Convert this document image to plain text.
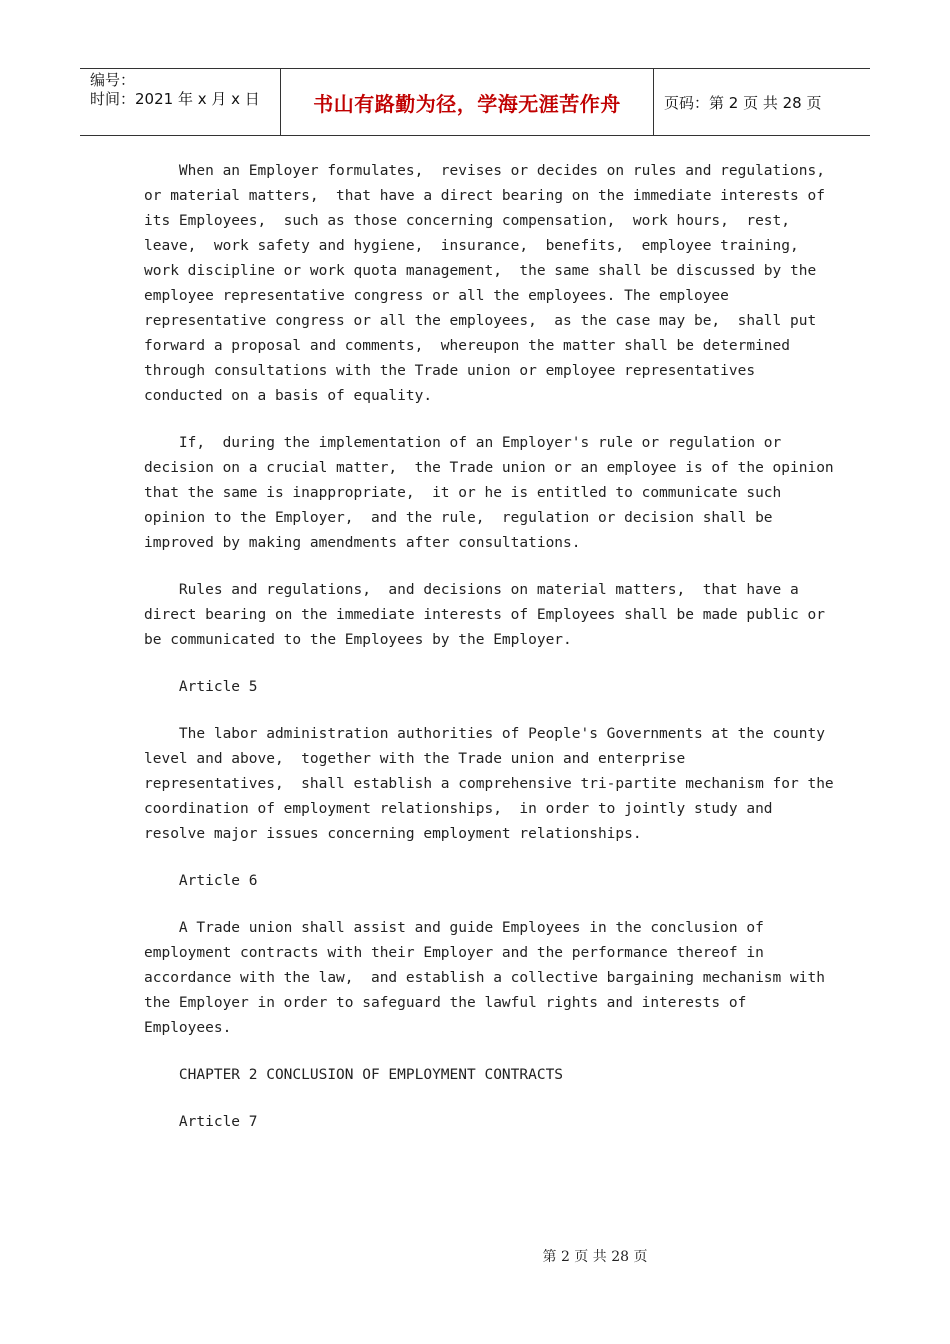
编号：
时间：2021 年 x 月 x 日	书山有路勤为径，学海无涯苦作舟	页码：第 2 页 共 28 页

When an Employer formulates,  revises or decides on rules and regulations,
or material matters,  that have a direct bearing on the immediate interests of
its Employees,  such as those concerning compensation,  work hours,  rest,
leave,  work safety and hygiene,  insurance,  benefits,  employee training,
work discipline or work quota management,  the same shall be discussed by the
employee representative congress or all the employees. The employee
representative congress or all the employees,  as the case may be,  shall put
forward a proposal and comments,  whereupon the matter shall be determined
through consultations with the Trade union or employee representatives
conducted on a basis of equality.

If,  during the implementation of an Employer's rule or regulation or
decision on a crucial matter,  the Trade union or an employee is of the opinion
that the same is inappropriate,  it or he is entitled to communicate such
opinion to the Employer,  and the rule,  regulation or decision shall be
improved by making amendments after consultations.

Rules and regulations,  and decisions on material matters,  that have a
direct bearing on the immediate interests of Employees shall be made public or
be communicated to the Employees by the Employer.

Article 5

The labor administration authorities of People's Governments at the county
level and above,  together with the Trade union and enterprise
representatives,  shall establish a comprehensive tri-partite mechanism for the
coordination of employment relationships,  in order to jointly study and
resolve major issues concerning employment relationships.

Article 6

A Trade union shall assist and guide Employees in the conclusion of
employment contracts with their Employer and the performance thereof in
accordance with the law,  and establish a collective bargaining mechanism with
the Employer in order to safeguard the lawful rights and interests of
Employees.

CHAPTER 2 CONCLUSION OF EMPLOYMENT CONTRACTS

Article 7

第 2 页 共 28 页
